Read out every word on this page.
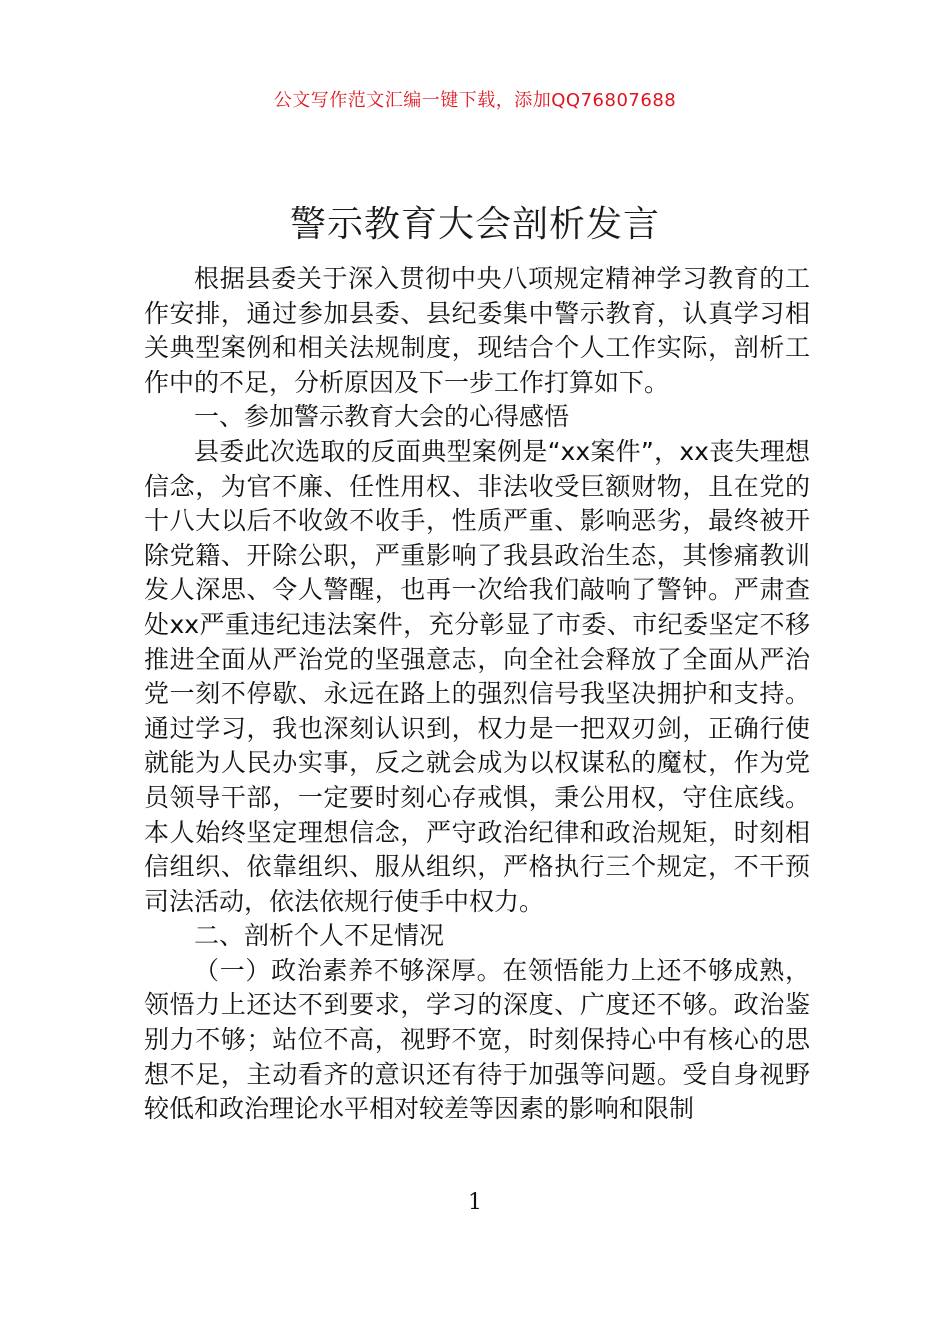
公文写作范文汇编一键下载，添加QQ76807688
警示教育大会剖析发言

根据县委关于深入贯彻中央八项规定精神学习教育的工作安排，通过参加县委、县纪委集中警示教育，认真学习相关典型案例和相关法规制度，现结合个人工作实际，剖析工作中的不足，分析原因及下一步工作打算如下。

一、参加警示教育大会的心得感悟

县委此次选取的反面典型案例是“xx案件”，xx丧失理想信念，为官不廉、任性用权、非法收受巨额财物，且在党的十八大以后不收敛不收手，性质严重、影响恶劣，最终被开除党籍、开除公职，严重影响了我县政治生态，其惨痛教训发人深思、令人警醒，也再一次给我们敲响了警钟。严肃查处xx严重违纪违法案件，充分彰显了市委、市纪委坚定不移推进全面从严治党的坚强意志，向全社会释放了全面从严治党一刻不停歇、永远在路上的强烈信号我坚决拥护和支持。通过学习，我也深刻认识到，权力是一把双刃剑，正确行使就能为人民办实事，反之就会成为以权谋私的魔杖，作为党员领导干部，一定要时刻心存戒惧，秉公用权，守住底线。本人始终坚定理想信念，严守政治纪律和政治规矩，时刻相信组织、依靠组织、服从组织，严格执行三个规定，不干预司法活动，依法依规行使手中权力。

二、剖析个人不足情况

（一）政治素养不够深厚。在领悟能力上还不够成熟，领悟力上还达不到要求，学习的深度、广度还不够。政治鉴别力不够；站位不高，视野不宽，时刻保持心中有核心的思想不足，主动看齐的意识还有待于加强等问题。受自身视野较低和政治理论水平相对较差等因素的影响和限制

1
